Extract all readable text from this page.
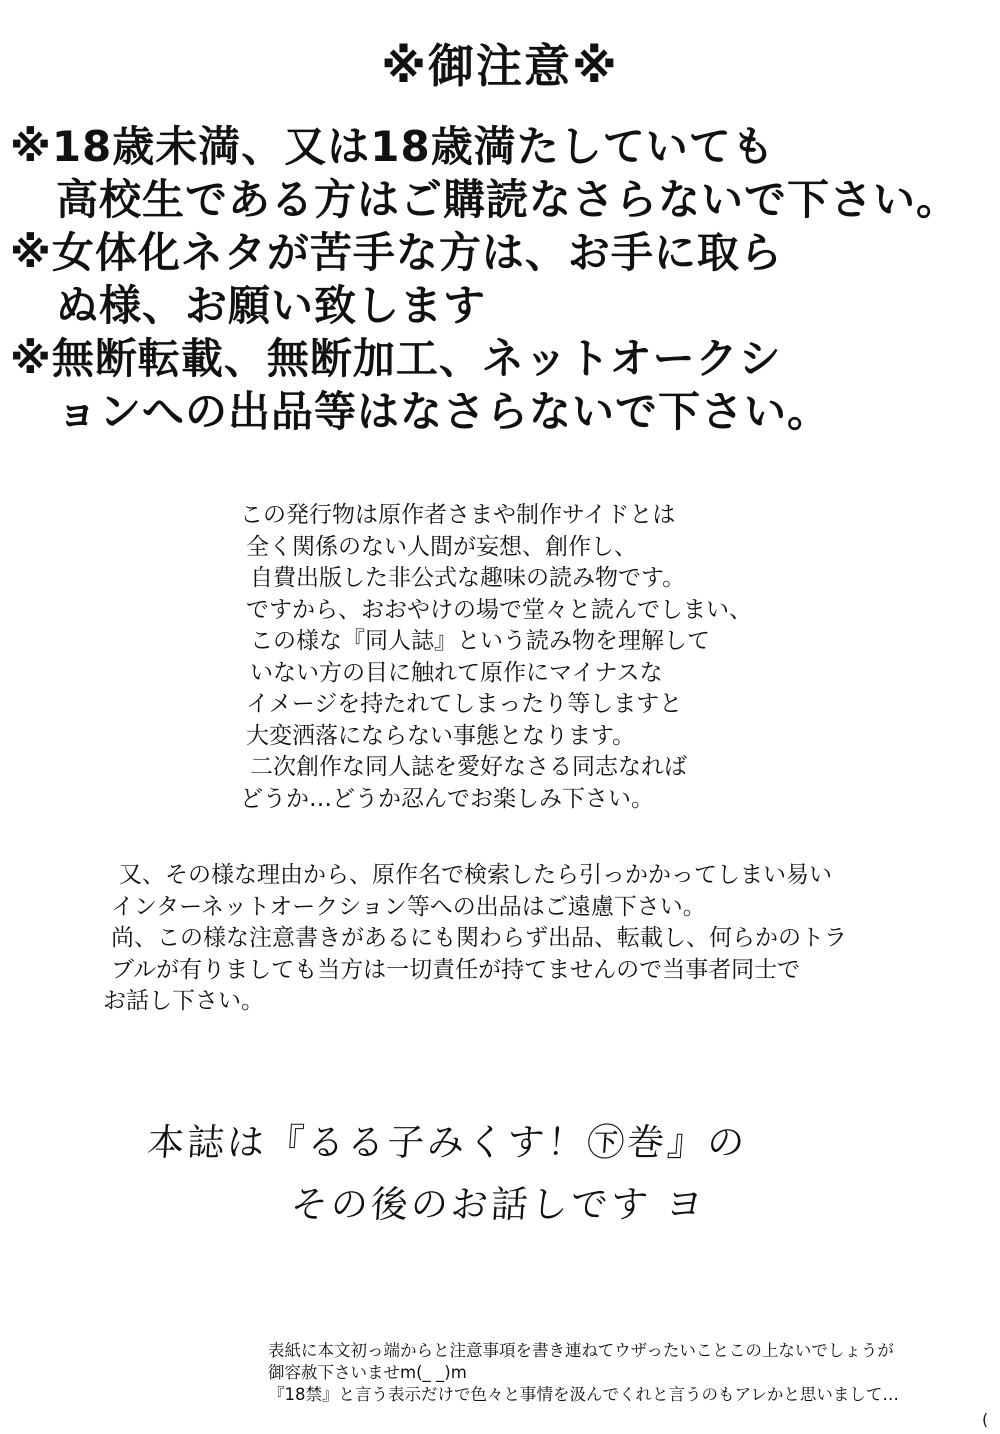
※御注意※
※18歳未満、又は18歳満たしていても
高校生である方はご購読なさらないで下さい。
※女体化ネタが苦手な方は、お手に取ら
ぬ様、お願い致します
※無断転載、無断加工、ネットオークシ
ョンへの出品等はなさらないで下さい。
この発行物は原作者さまや制作サイドとは
全く関係のない人間が妄想、創作し、
自費出版した非公式な趣味の読み物です。
ですから、おおやけの場で堂々と読んでしまい、
この様な『同人誌』という読み物を理解して
いない方の目に触れて原作にマイナスな
イメージを持たれてしまったり等しますと
大変洒落にならない事態となります。
二次創作な同人誌を愛好なさる同志なれば
どうか…どうか忍んでお楽しみ下さい。
又、その様な理由から、原作名で検索したら引っかかってしまい易い
インターネットオークション等への出品はご遠慮下さい。
尚、この様な注意書きがあるにも関わらず出品、転載し、何らかのトラ
ブルが有りましても当方は一切責任が持てませんので当事者同士で
お話し下さい。
本誌は『るる子みくす！㊦巻』の
その後のお話しです ヨ
表紙に本文初っ端からと注意事項を書き連ねてウザったいことこの上ないでしょうが
御容赦下さいませm(_ _)m
『18禁』と言う表示だけで色々と事情を汲んでくれと言うのもアレかと思いまして…
(
